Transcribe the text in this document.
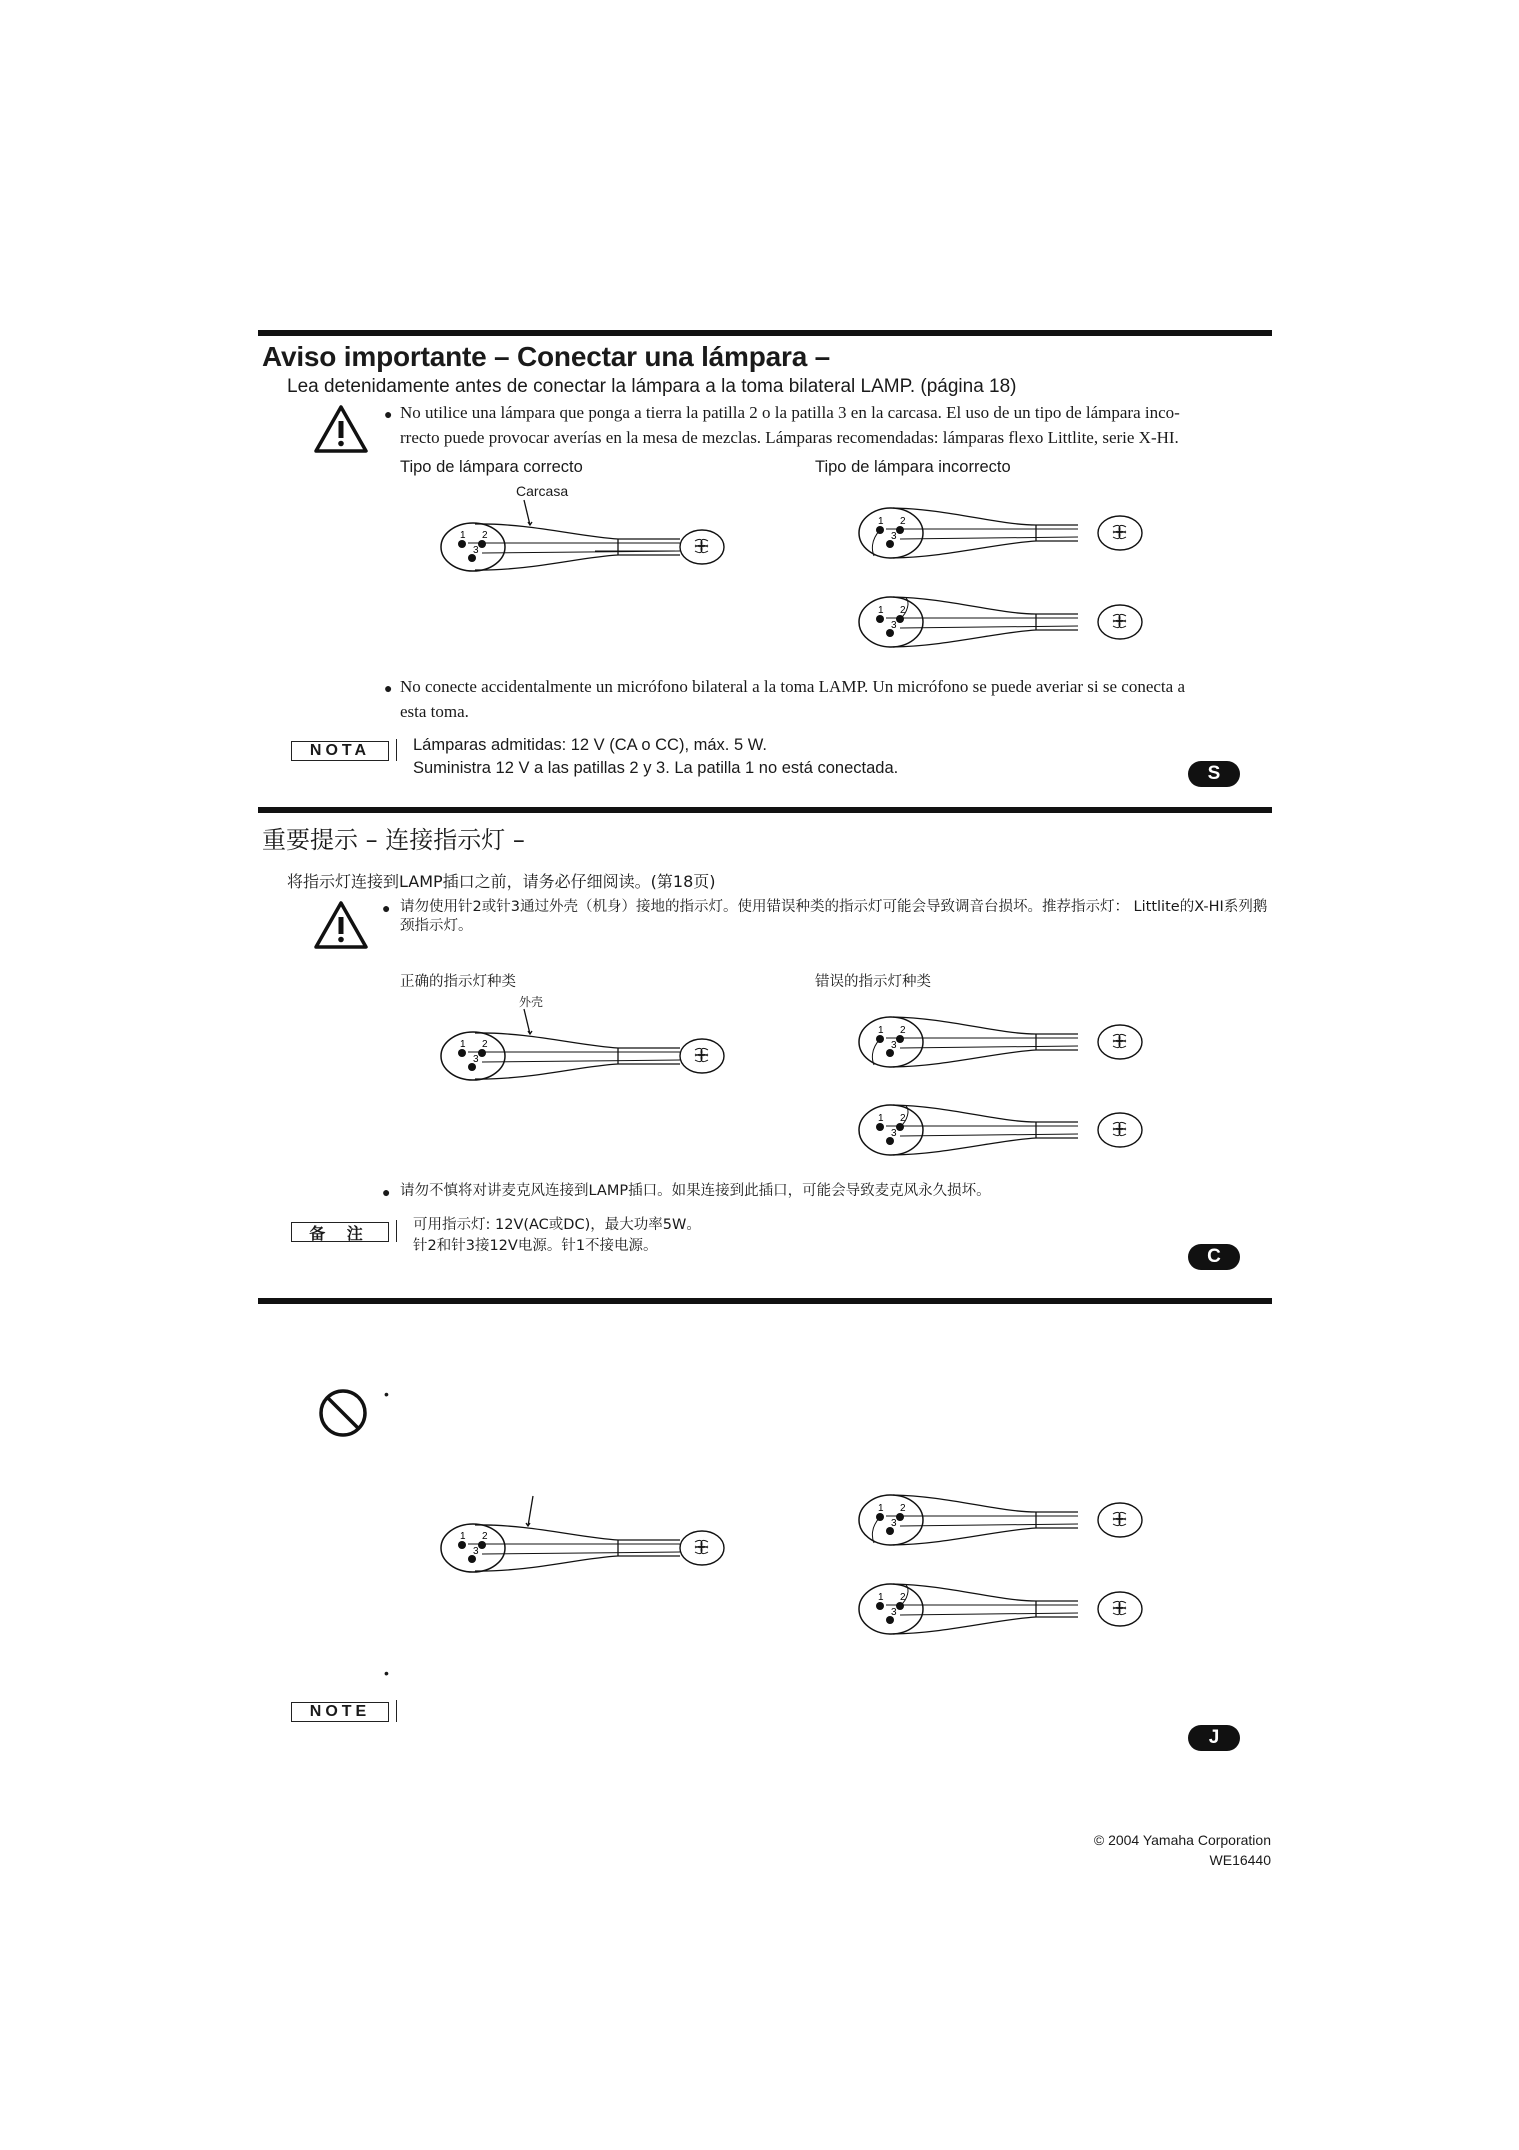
Aviso importante – Conectar una lámpara –
Lea detenidamente antes de conectar la lámpara a la toma bilateral LAMP. (página 18)
● No utilice una lámpara que ponga a tierra la patilla 2 o la patilla 3 en la carcasa. El uso de un tipo de lámpara inco-
rrecto puede provocar averías en la mesa de mezclas. Lámparas recomendadas: lámparas flexo Littlite, serie X-HI.
Tipo de lámpara correcto	Tipo de lámpara incorrecto
Carcasa
1 2
3
1 2
3
1 2
3
● No conecte accidentalmente un micrófono bilateral a la toma LAMP. Un micrófono se puede averiar si se conecta a
esta toma.
NOTA	Lámparas admitidas: 12 V (CA o CC), máx. 5 W.
Suministra 12 V a las patillas 2 y 3. La patilla 1 no está conectada.	S
重要提示 – 连接指示灯 –
将指示灯连接到LAMP插口之前，请务必仔细阅读。(第18页)
● 请勿使用针2或针3通过外壳（机身）接地的指示灯。使用错误种类的指示灯可能会导致调音台损坏。推荐指示灯： Littlite的X-HI系列鹅
颈指示灯。
正确的指示灯种类	错误的指示灯种类
外壳
1 2
3
1 2
3
1 2
3
● 请勿不慎将对讲麦克风连接到LAMP插口。如果连接到此插口，可能会导致麦克风永久损坏。
备 注	可用指示灯: 12V(AC或DC)，最大功率5W。
针2和针3接12V电源。针1不接电源。	C
•
1 2
3
1 2
3
1 2
3
•
NOTE
J
© 2004 Yamaha Corporation
WE16440
